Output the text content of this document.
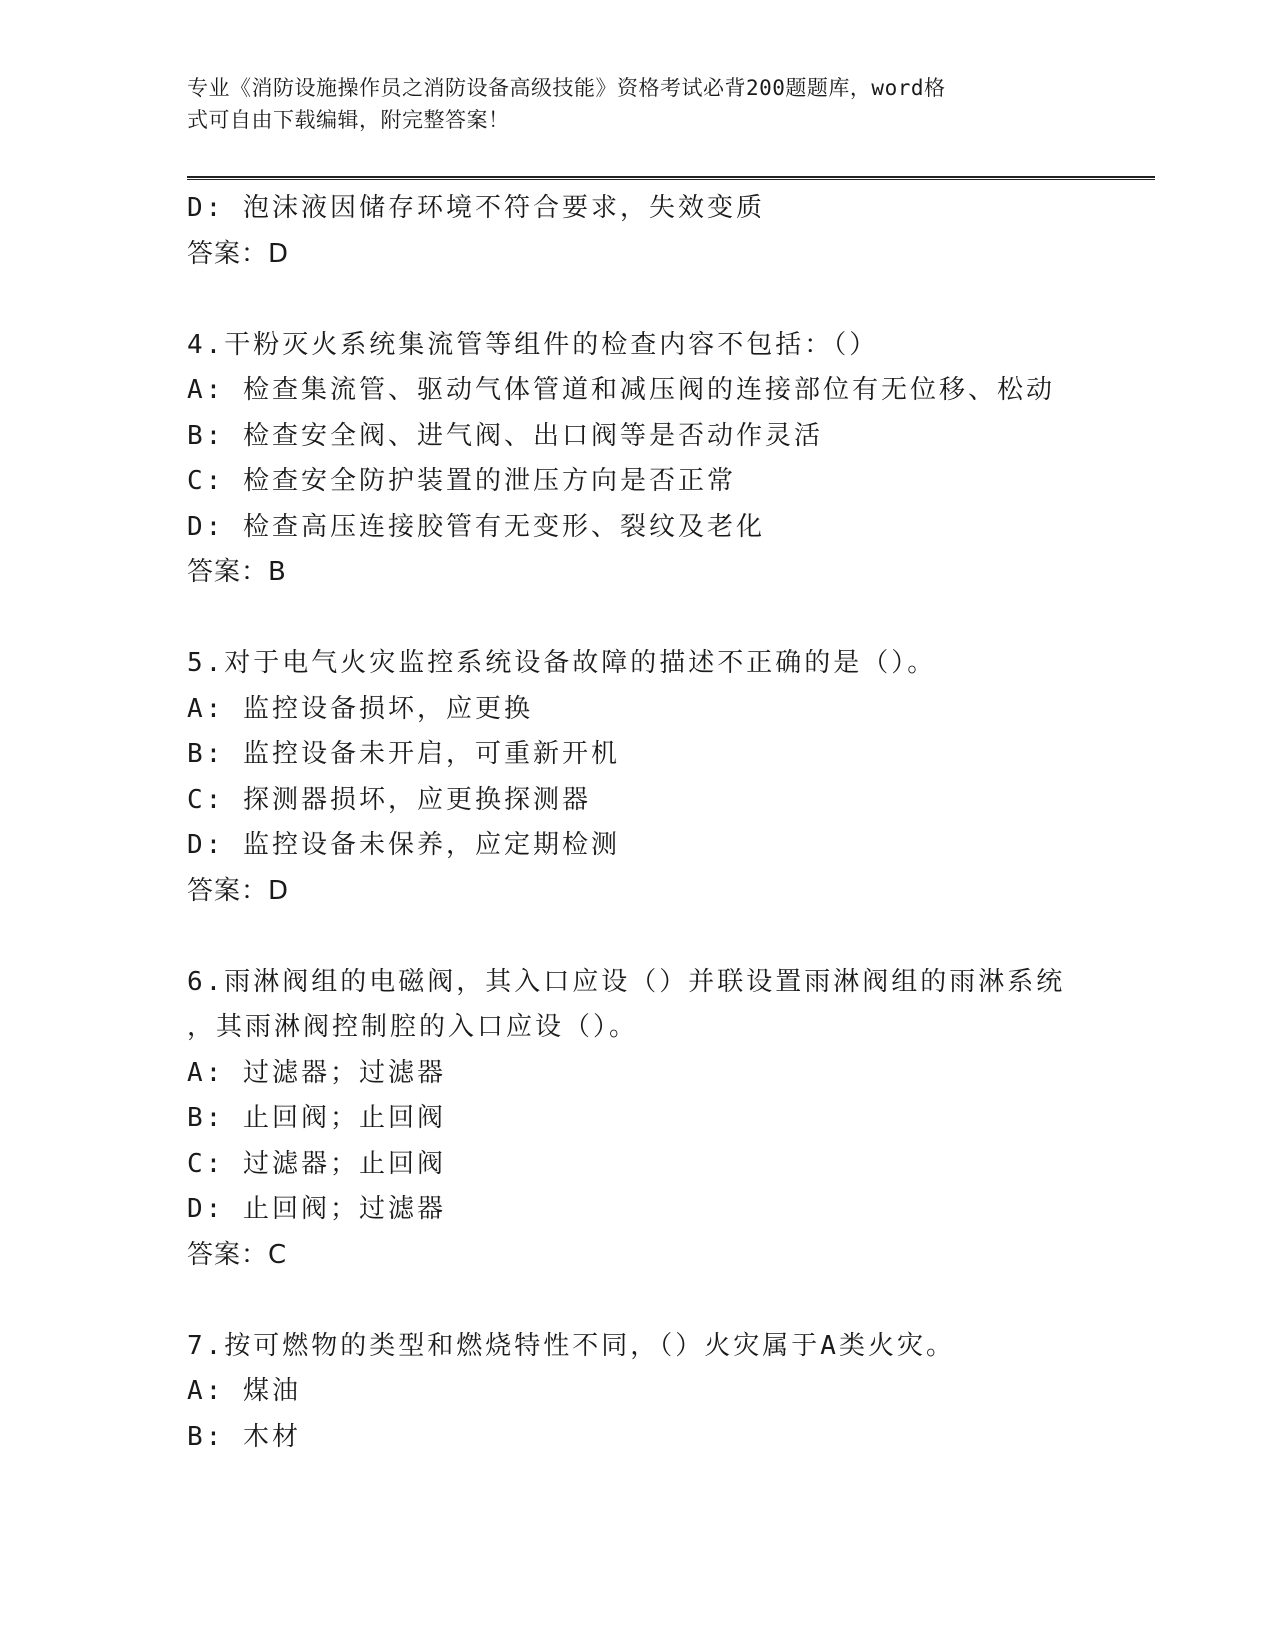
专业《消防设施操作员之消防设备高级技能》资格考试必背200题题库，word格
式可自由下载编辑，附完整答案！
D: 泡沫液因储存环境不符合要求，失效变质
答案：D
4.干粉灭火系统集流管等组件的检查内容不包括：（）
A: 检查集流管、驱动气体管道和减压阀的连接部位有无位移、松动
B: 检查安全阀、进气阀、出口阀等是否动作灵活
C: 检查安全防护装置的泄压方向是否正常
D: 检查高压连接胶管有无变形、裂纹及老化
答案：B
5.对于电气火灾监控系统设备故障的描述不正确的是（）。
A: 监控设备损坏，应更换
B: 监控设备未开启，可重新开机
C: 探测器损坏，应更换探测器
D: 监控设备未保养，应定期检测
答案：D
6.雨淋阀组的电磁阀，其入口应设（）并联设置雨淋阀组的雨淋系统
，其雨淋阀控制腔的入口应设（）。
A: 过滤器；过滤器
B: 止回阀；止回阀
C: 过滤器；止回阀
D: 止回阀；过滤器
答案：C
7.按可燃物的类型和燃烧特性不同，（）火灾属于A类火灾。
A: 煤油
B: 木材
